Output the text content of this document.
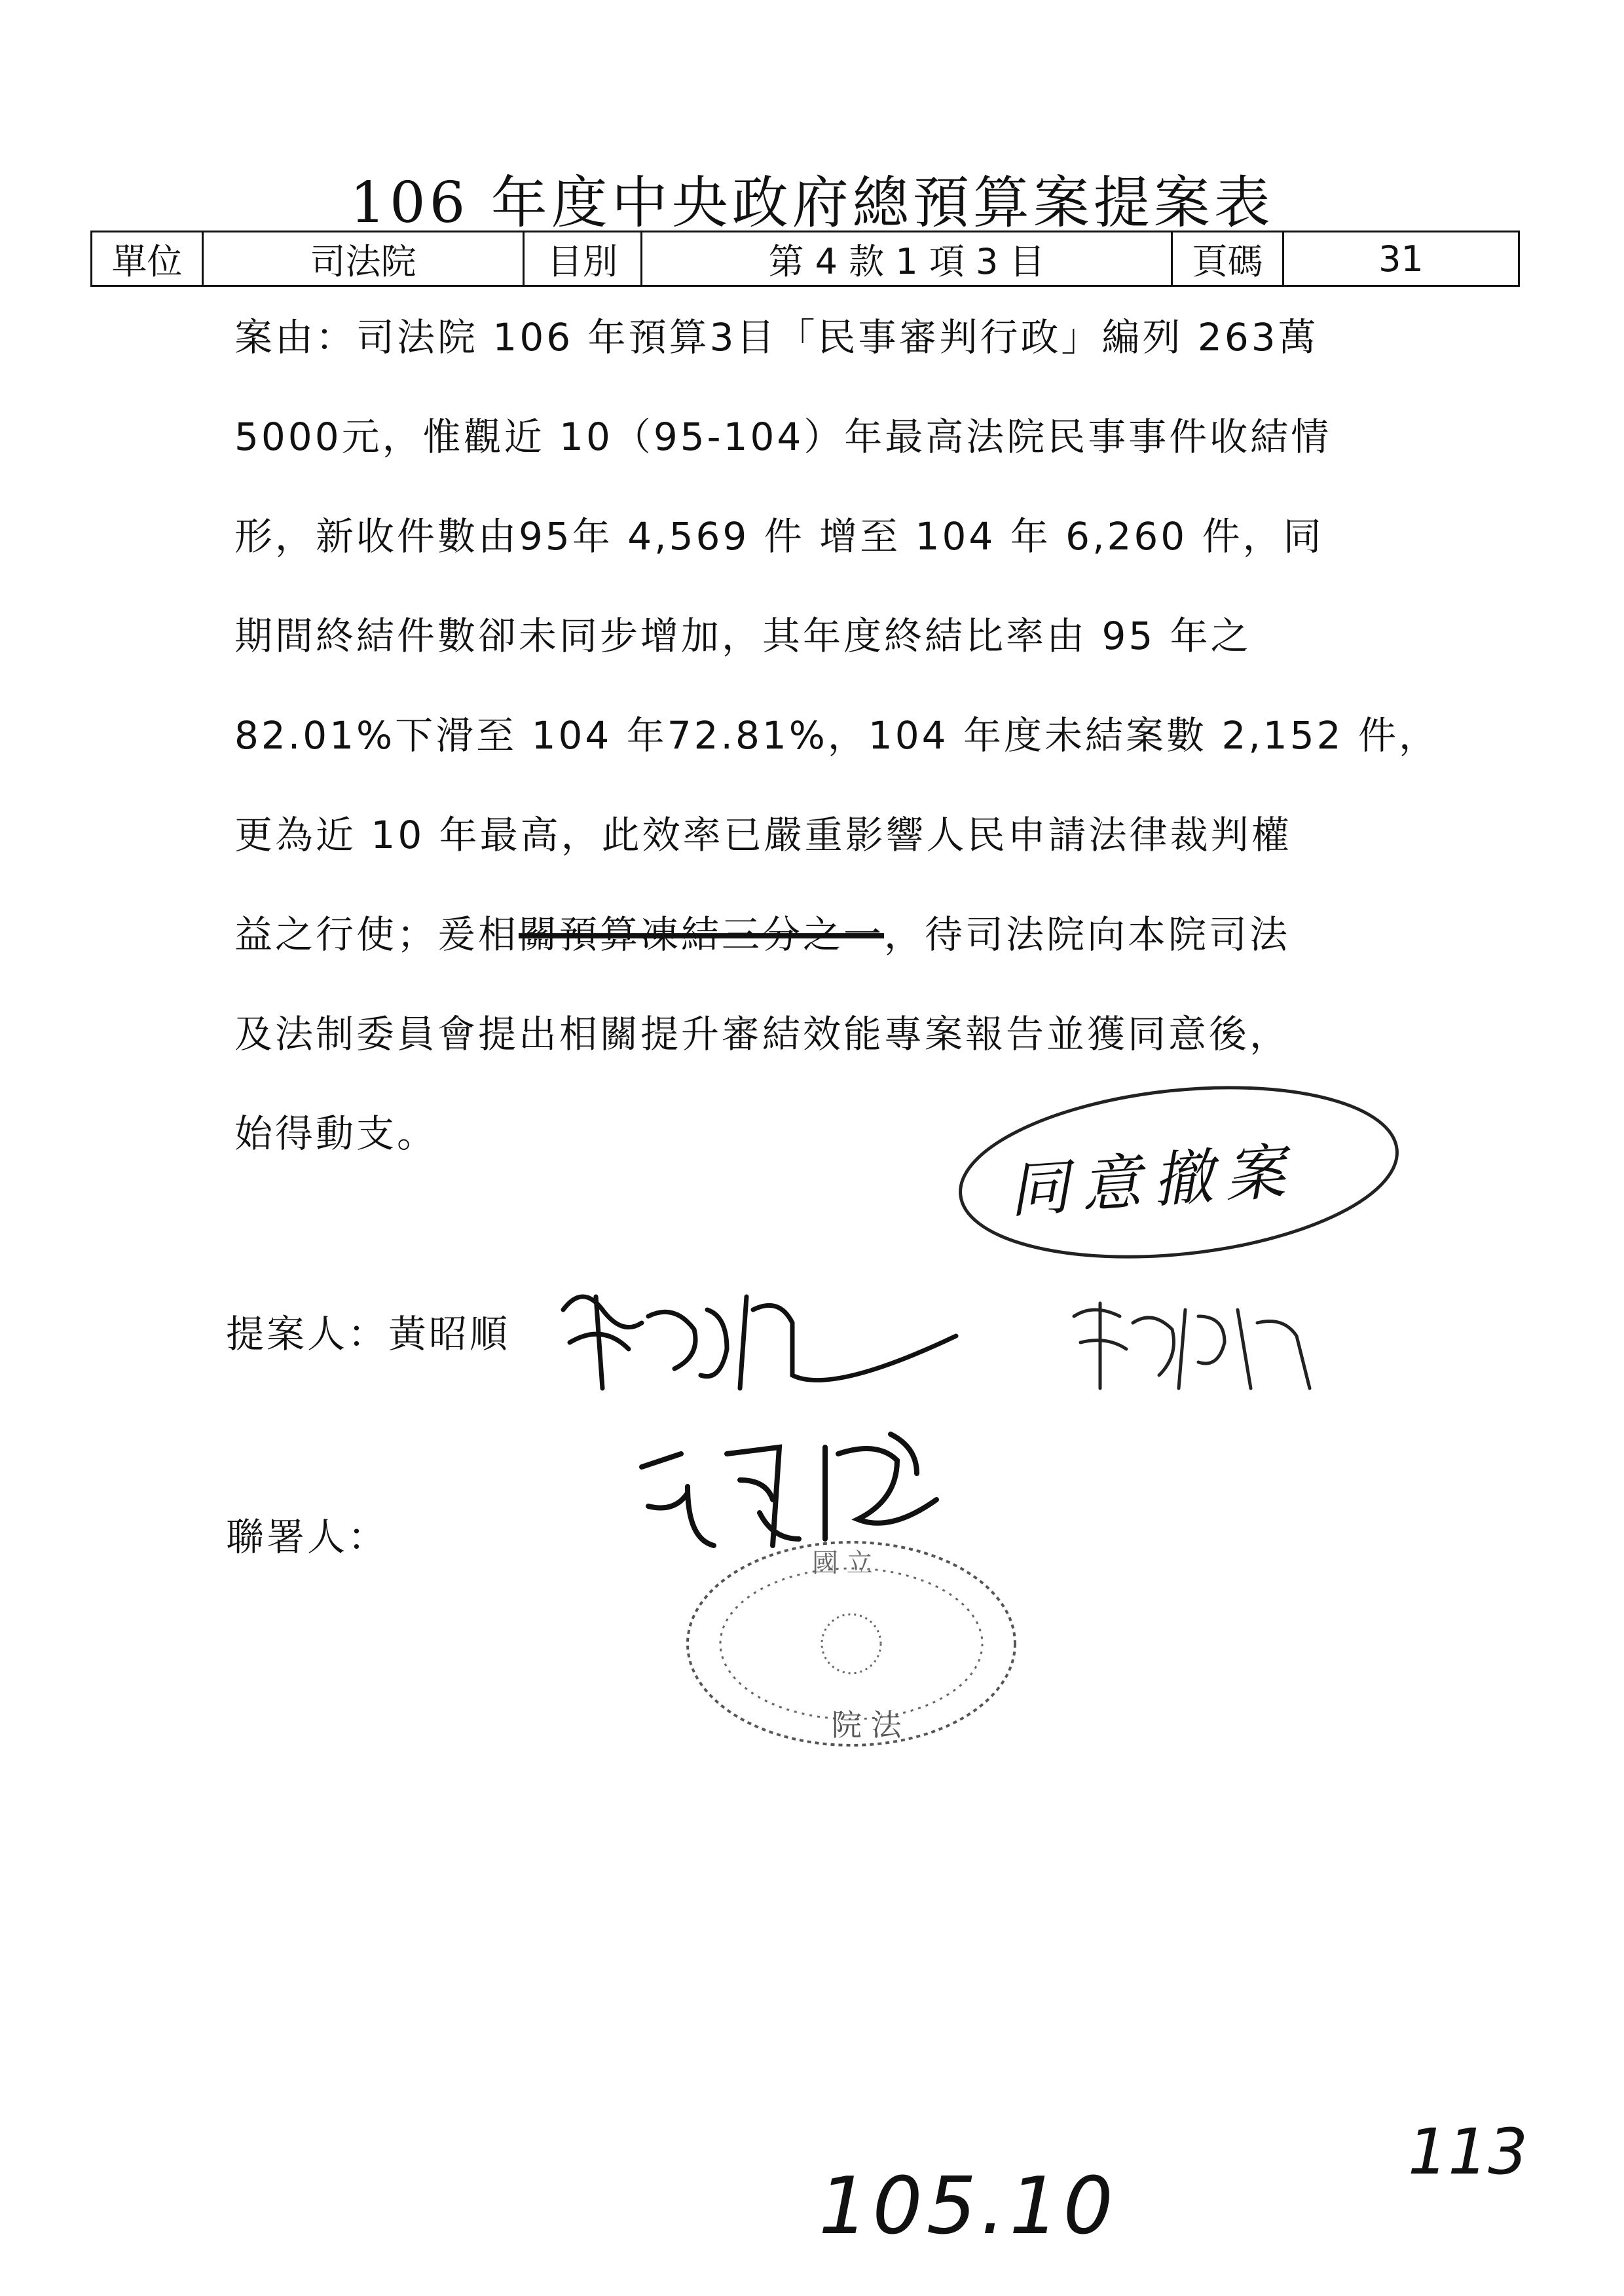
106 年度中央政府總預算案提案表
單位	司法院	目別	第 4 款 1 項 3 目	頁碼	31
案由：司法院 106 年預算3目「民事審判行政」編列 263萬
5000元，惟觀近 10（95-104）年最高法院民事事件收結情
形，新收件數由95年 4,569 件 增至 104 年 6,260 件，同
期間終結件數卻未同步增加，其年度終結比率由 95 年之
82.01%下滑至 104 年72.81%，104 年度未結案數 2,152 件，
更為近 10 年最高，此效率已嚴重影響人民申請法律裁判權
益之行使；爰相關預算凍結三分之一，待司法院向本院司法
及法制委員會提出相關提升審結效能專案報告並獲同意後，
始得動支。
同意撤案
提案人：黃昭順
聯署人：
院 法
國 立
113
105.10
